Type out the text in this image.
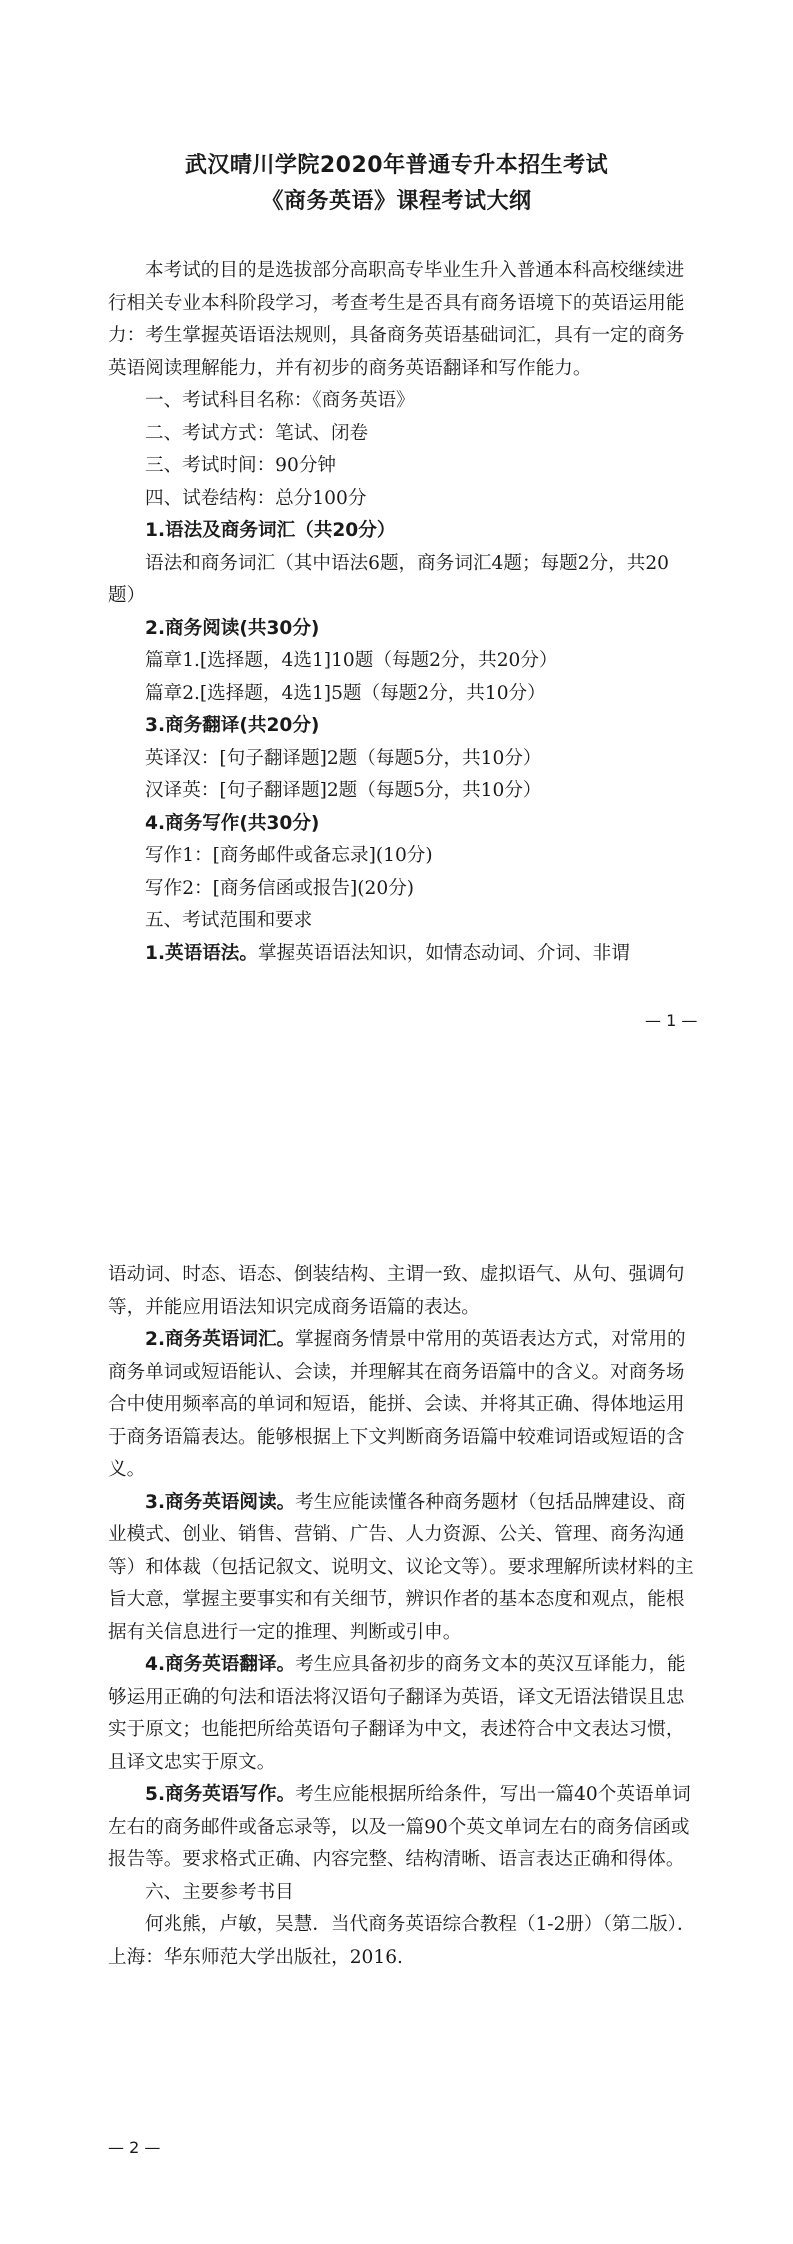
武汉晴川学院2020年普通专升本招生考试
《商务英语》课程考试大纲

本考试的目的是选拔部分高职高专毕业生升入普通本科高校继续进行相关专业本科阶段学习，考查考生是否具有商务语境下的英语运用能力：考生掌握英语语法规则，具备商务英语基础词汇，具有一定的商务英语阅读理解能力，并有初步的商务英语翻译和写作能力。

一、考试科目名称：《商务英语》

二、考试方式：笔试、闭卷

三、考试时间：90分钟

四、试卷结构：总分100分

1.语法及商务词汇（共20分）

语法和商务词汇（其中语法6题，商务词汇4题；每题2分，共20题）

2.商务阅读(共30分)

篇章1.[选择题，4选1]10题（每题2分，共20分）

篇章2.[选择题，4选1]5题（每题2分，共10分）

3.商务翻译(共20分)

英译汉：[句子翻译题]2题（每题5分，共10分）

汉译英：[句子翻译题]2题（每题5分，共10分）

4.商务写作(共30分)

写作1：[商务邮件或备忘录](10分)

写作2：[商务信函或报告](20分)

五、考试范围和要求

1.英语语法。掌握英语语法知识，如情态动词、介词、非谓

— 1 —
— 2 —

语动词、时态、语态、倒装结构、主谓一致、虚拟语气、从句、强调句等，并能应用语法知识完成商务语篇的表达。

2.商务英语词汇。掌握商务情景中常用的英语表达方式，对常用的商务单词或短语能认、会读，并理解其在商务语篇中的含义。对商务场合中使用频率高的单词和短语，能拼、会读、并将其正确、得体地运用于商务语篇表达。能够根据上下文判断商务语篇中较难词语或短语的含义。

3.商务英语阅读。考生应能读懂各种商务题材（包括品牌建设、商业模式、创业、销售、营销、广告、人力资源、公关、管理、商务沟通等）和体裁（包括记叙文、说明文、议论文等）。要求理解所读材料的主旨大意，掌握主要事实和有关细节，辨识作者的基本态度和观点，能根据有关信息进行一定的推理、判断或引申。

4.商务英语翻译。考生应具备初步的商务文本的英汉互译能力，能够运用正确的句法和语法将汉语句子翻译为英语，译文无语法错误且忠实于原文；也能把所给英语句子翻译为中文，表述符合中文表达习惯，且译文忠实于原文。

5.商务英语写作。考生应能根据所给条件，写出一篇40个英语单词左右的商务邮件或备忘录等，以及一篇90个英文单词左右的商务信函或报告等。要求格式正确、内容完整、结构清晰、语言表达正确和得体。

六、主要参考书目

何兆熊，卢敏，吴慧．当代商务英语综合教程（1-2册）（第二版）．上海：华东师范大学出版社，2016.
